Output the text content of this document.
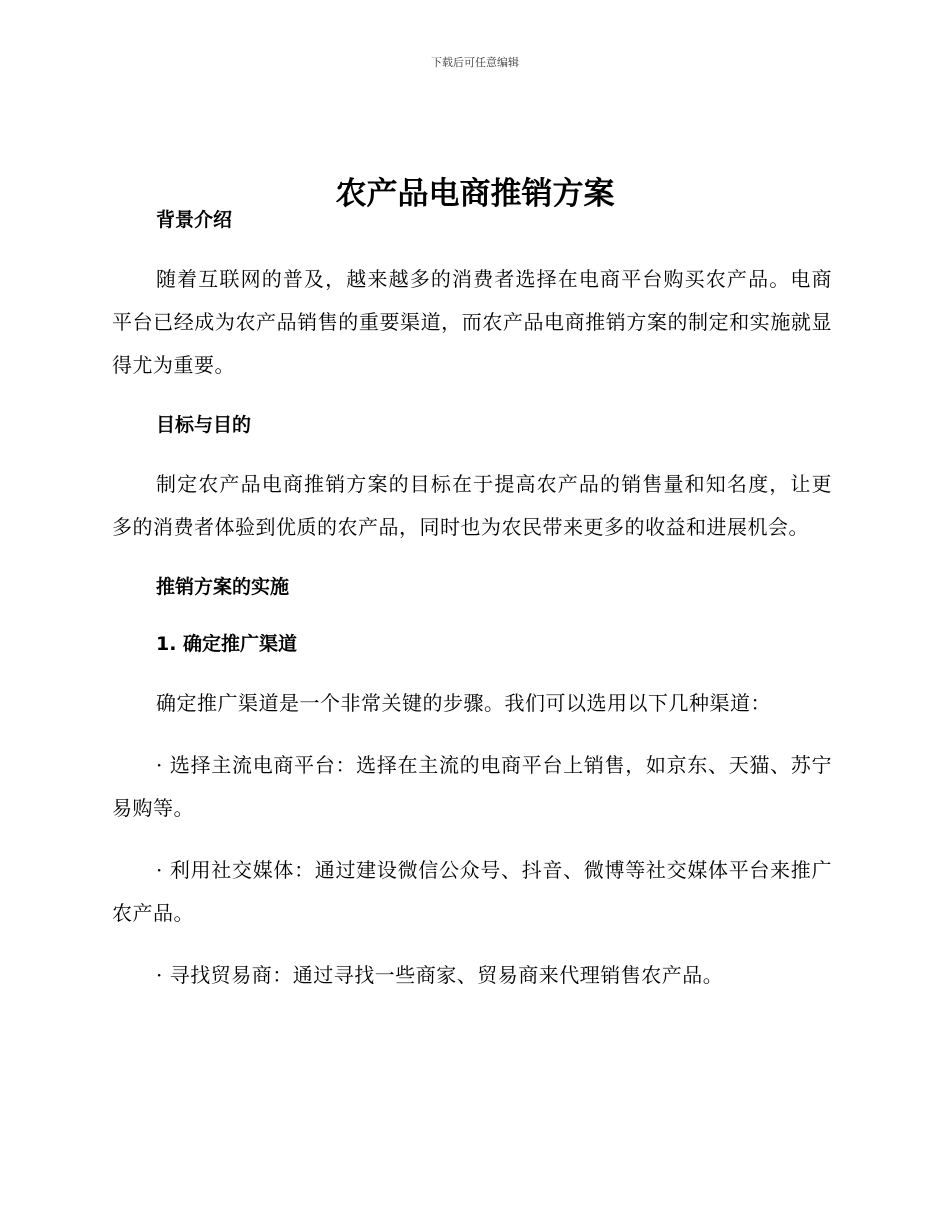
下载后可任意编辑
农产品电商推销方案
背景介绍

随着互联网的普及，越来越多的消费者选择在电商平台购买农产品。电商平台已经成为农产品销售的重要渠道，而农产品电商推销方案的制定和实施就显得尤为重要。

目标与目的

制定农产品电商推销方案的目标在于提高农产品的销售量和知名度，让更多的消费者体验到优质的农产品，同时也为农民带来更多的收益和进展机会。

推销方案的实施
1. 确定推广渠道

确定推广渠道是一个非常关键的步骤。我们可以选用以下几种渠道：

· 选择主流电商平台：选择在主流的电商平台上销售，如京东、天猫、苏宁易购等。

· 利用社交媒体：通过建设微信公众号、抖音、微博等社交媒体平台来推广农产品。

· 寻找贸易商：通过寻找一些商家、贸易商来代理销售农产品。
